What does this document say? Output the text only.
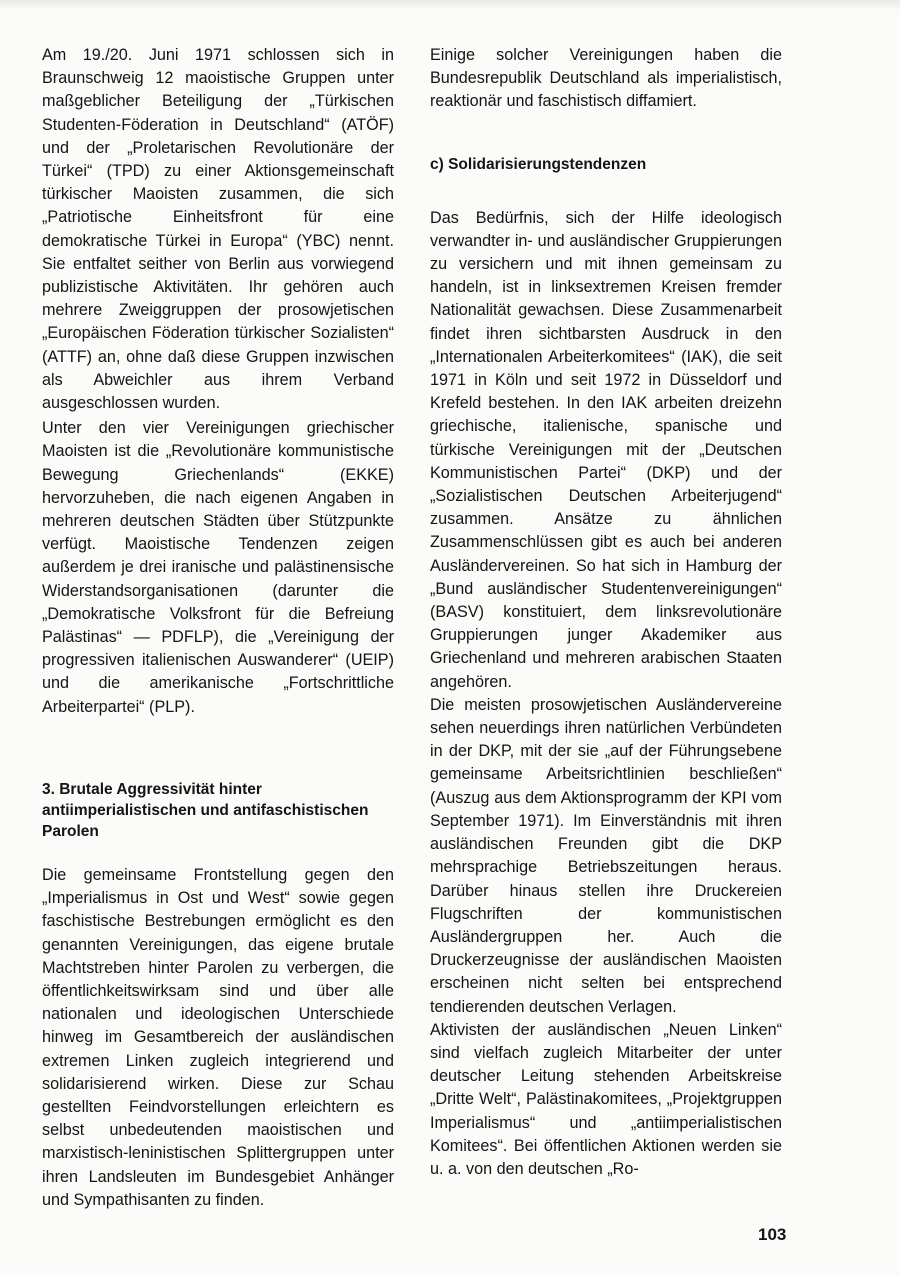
Am 19./20. Juni 1971 schlossen sich in Braunschweig 12 maoistische Gruppen unter maßgeblicher Beteiligung der „Türkischen Studenten-Föderation in Deutschland“ (ATÖF) und der „Proletarischen Revolutionäre der Türkei“ (TPD) zu einer Aktionsgemeinschaft türkischer Maoisten zusammen, die sich „Patriotische Einheitsfront für eine demokratische Türkei in Europa“ (YBC) nennt. Sie entfaltet seither von Berlin aus vorwiegend publizistische Aktivitäten. Ihr gehören auch mehrere Zweiggruppen der prosowjetischen „Europäischen Föderation türkischer Sozialisten“ (ATTF) an, ohne daß diese Gruppen inzwischen als Abweichler aus ihrem Verband ausgeschlossen wurden.

Unter den vier Vereinigungen griechischer Maoisten ist die „Revolutionäre kommunistische Bewegung Griechenlands“ (EKKE) hervorzuheben, die nach eigenen Angaben in mehreren deutschen Städten über Stützpunkte verfügt. Maoistische Tendenzen zeigen außerdem je drei iranische und palästinensische Widerstandsorganisationen (darunter die „Demokratische Volksfront für die Befreiung Palästinas“ — PDFLP), die „Vereinigung der progressiven italienischen Auswanderer“ (UEIP) und die amerikanische „Fortschrittliche Arbeiterpartei“ (PLP).

3. Brutale Aggressivität hinter antiimperialistischen und antifaschistischen Parolen

Die gemeinsame Frontstellung gegen den „Imperialismus in Ost und West“ sowie gegen faschistische Bestrebungen ermöglicht es den genannten Vereinigungen, das eigene brutale Machtstreben hinter Parolen zu verbergen, die öffentlichkeitswirksam sind und über alle nationalen und ideologischen Unterschiede hinweg im Gesamtbereich der ausländischen extremen Linken zugleich integrierend und solidarisierend wirken. Diese zur Schau gestellten Feindvorstellungen erleichtern es selbst unbedeutenden maoistischen und marxistisch-leninistischen Splittergruppen unter ihren Landsleuten im Bundesgebiet Anhänger und Sympathisanten zu finden.

Einige solcher Vereinigungen haben die Bundesrepublik Deutschland als imperialistisch, reaktionär und faschistisch diffamiert.

c) Solidarisierungstendenzen

Das Bedürfnis, sich der Hilfe ideologisch verwandter in- und ausländischer Gruppierungen zu versichern und mit ihnen gemeinsam zu handeln, ist in linksextremen Kreisen fremder Nationalität gewachsen. Diese Zusammenarbeit findet ihren sichtbarsten Ausdruck in den „Internationalen Arbeiterkomitees“ (IAK), die seit 1971 in Köln und seit 1972 in Düsseldorf und Krefeld bestehen. In den IAK arbeiten dreizehn griechische, italienische, spanische und türkische Vereinigungen mit der „Deutschen Kommunistischen Partei“ (DKP) und der „Sozialistischen Deutschen Arbeiterjugend“ zusammen. Ansätze zu ähnlichen Zusammenschlüssen gibt es auch bei anderen Ausländervereinen. So hat sich in Hamburg der „Bund ausländischer Studentenvereinigungen“ (BASV) konstituiert, dem linksrevolutionäre Gruppierungen junger Akademiker aus Griechenland und mehreren arabischen Staaten angehören.

Die meisten prosowjetischen Ausländervereine sehen neuerdings ihren natürlichen Verbündeten in der DKP, mit der sie „auf der Führungsebene gemeinsame Arbeitsrichtlinien beschließen“ (Auszug aus dem Aktionsprogramm der KPI vom September 1971). Im Einverständnis mit ihren ausländischen Freunden gibt die DKP mehrsprachige Betriebszeitungen heraus. Darüber hinaus stellen ihre Druckereien Flugschriften der kommunistischen Ausländergruppen her. Auch die Druckerzeugnisse der ausländischen Maoisten erscheinen nicht selten bei entsprechend tendierenden deutschen Verlagen.

Aktivisten der ausländischen „Neuen Linken“ sind vielfach zugleich Mitarbeiter der unter deutscher Leitung stehenden Arbeitskreise „Dritte Welt“, Palästinakomitees, „Projektgruppen Imperialismus“ und „antiimperialistischen Komitees“. Bei öffentlichen Aktionen werden sie u. a. von den deutschen „Ro-

103
